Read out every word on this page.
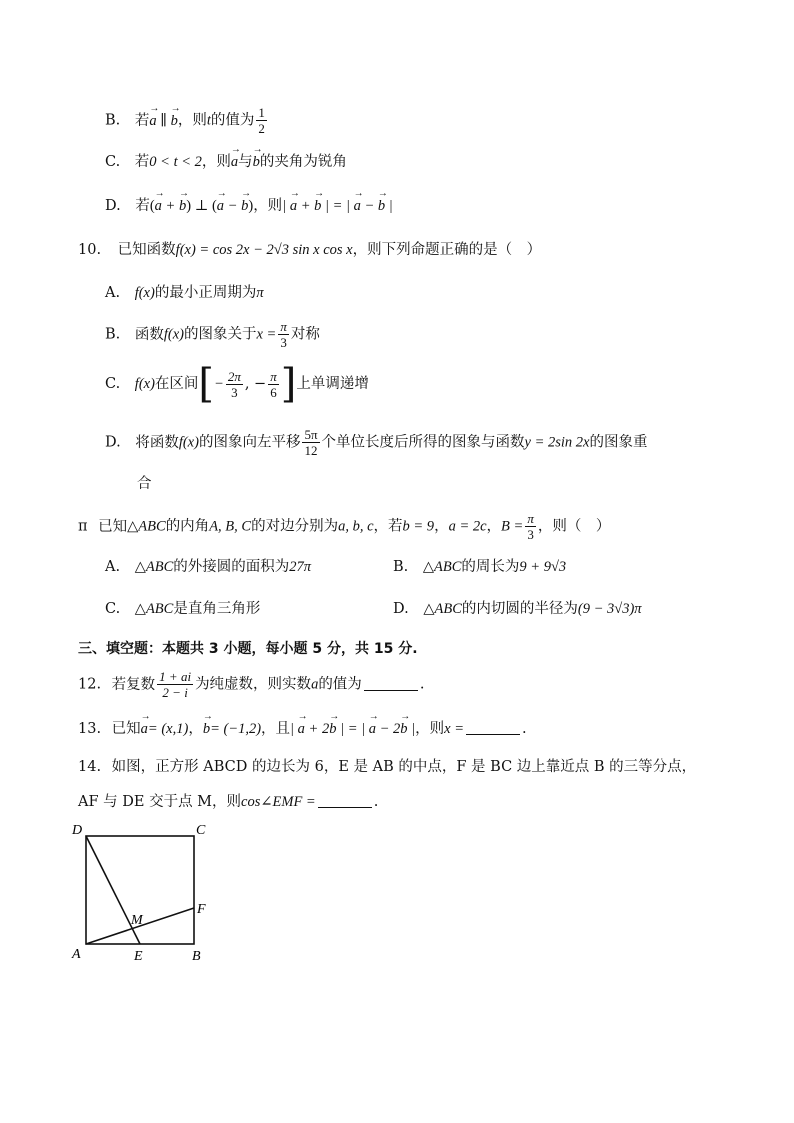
B. 若→ a ∥ → b，则t的值为 $\frac{1}{2}$
C. 若0 < t < 2，则→ a与→ b的夹角为锐角
D. 若(→ a + → b) ⊥ (→ a − → b)，则| → a + → b | = | → a − → b |
10. 已知函数f(x) = cos 2x − 2√3 sin x cos x，则下列命题正确的是（　）
A. f(x)的最小正周期为π
B. 函数f(x)的图象关于$x = \frac{\pi}{3}$ 对称
C. f(x)在区间[− $\frac{2\pi}{3}$ , − $\frac{\pi}{6}$ ]上单调递增
D. 将函数f(x)的图象向左平移 $\frac{5\pi}{12}$ 个单位长度后所得的图象与函数y = 2sin 2x的图象重
合
π 已知△ABC的内角A, B, C的对边分别为a, b, c，若b = 9，a = 2c，$B = \frac{\pi}{3}$ ，则（　）
A. △ABC的外接圆的面积为27π	B. △ABC的周长为9 + 9√3
C. △ABC是直角三角形	D. △ABC的内切圆的半径为(9 − 3√3)π
三、填空题：本题共 3 小题，每小题 5 分，共 15 分.
12. 若复数 $\frac{1 + ai}{2 - i}$ 为纯虚数，则实数a的值为	.
13. 已知→ a= (x,1)，→ b= (−1,2)，且| → a + 2→ b | = | → a − 2→ b |，则x =	.
14. 如图，正方形 ABCD 的边长为 6，E 是 AB 的中点，F 是 BC 边上靠近点 B 的三等分点，
AF 与 DE 交于点 M，则cos∠EMF =	.
D	C
A	B
E
F
M
